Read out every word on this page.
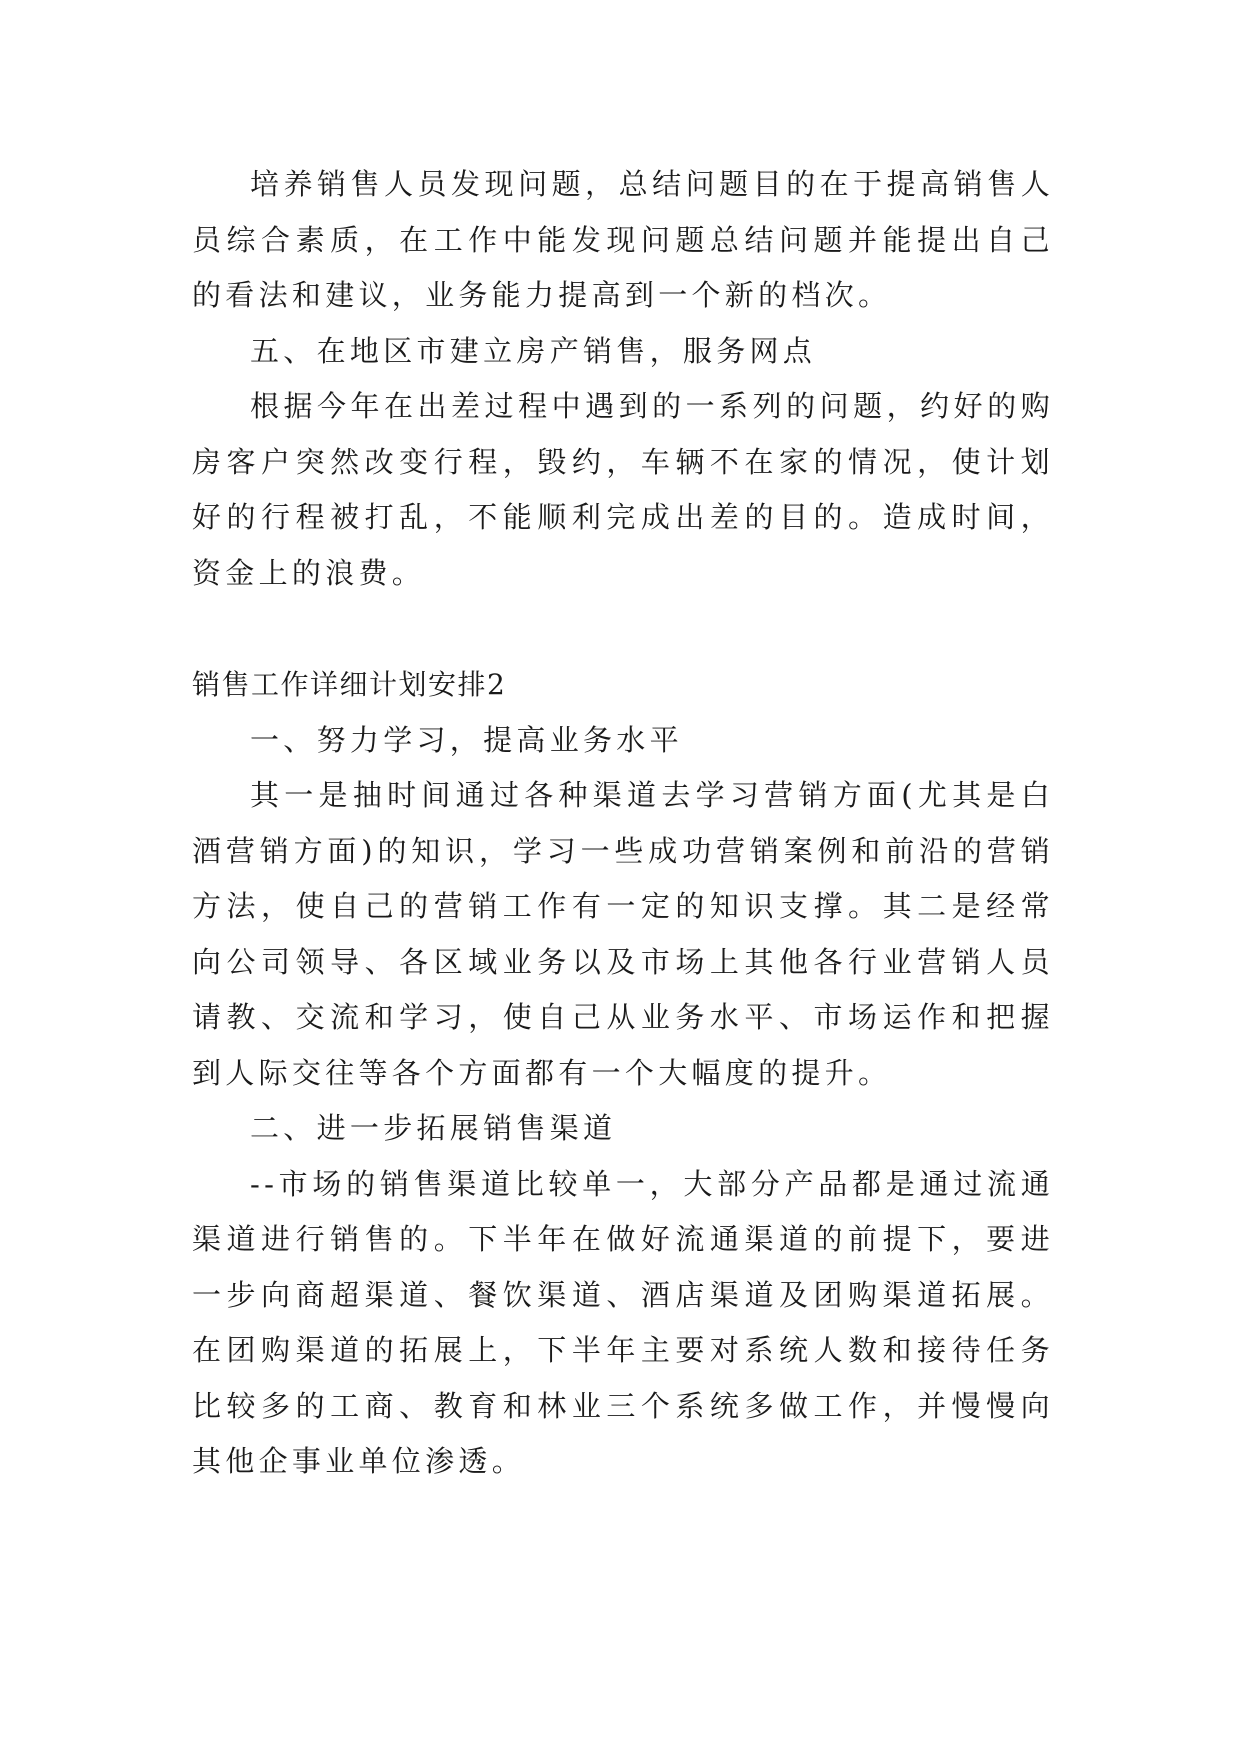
培养销售人员发现问题，总结问题目的在于提高销售人员综合素质，在工作中能发现问题总结问题并能提出自己的看法和建议，业务能力提高到一个新的档次。

五、在地区市建立房产销售，服务网点

根据今年在出差过程中遇到的一系列的问题，约好的购房客户突然改变行程，毁约，车辆不在家的情况，使计划好的行程被打乱，不能顺利完成出差的目的。造成时间，资金上的浪费。

销售工作详细计划安排2

一、努力学习，提高业务水平

其一是抽时间通过各种渠道去学习营销方面(尤其是白酒营销方面)的知识，学习一些成功营销案例和前沿的营销方法，使自己的营销工作有一定的知识支撑。其二是经常向公司领导、各区域业务以及市场上其他各行业营销人员请教、交流和学习，使自己从业务水平、市场运作和把握到人际交往等各个方面都有一个大幅度的提升。

二、进一步拓展销售渠道

--市场的销售渠道比较单一，大部分产品都是通过流通渠道进行销售的。下半年在做好流通渠道的前提下，要进一步向商超渠道、餐饮渠道、酒店渠道及团购渠道拓展。在团购渠道的拓展上，下半年主要对系统人数和接待任务比较多的工商、教育和林业三个系统多做工作，并慢慢向其他企事业单位渗透。
